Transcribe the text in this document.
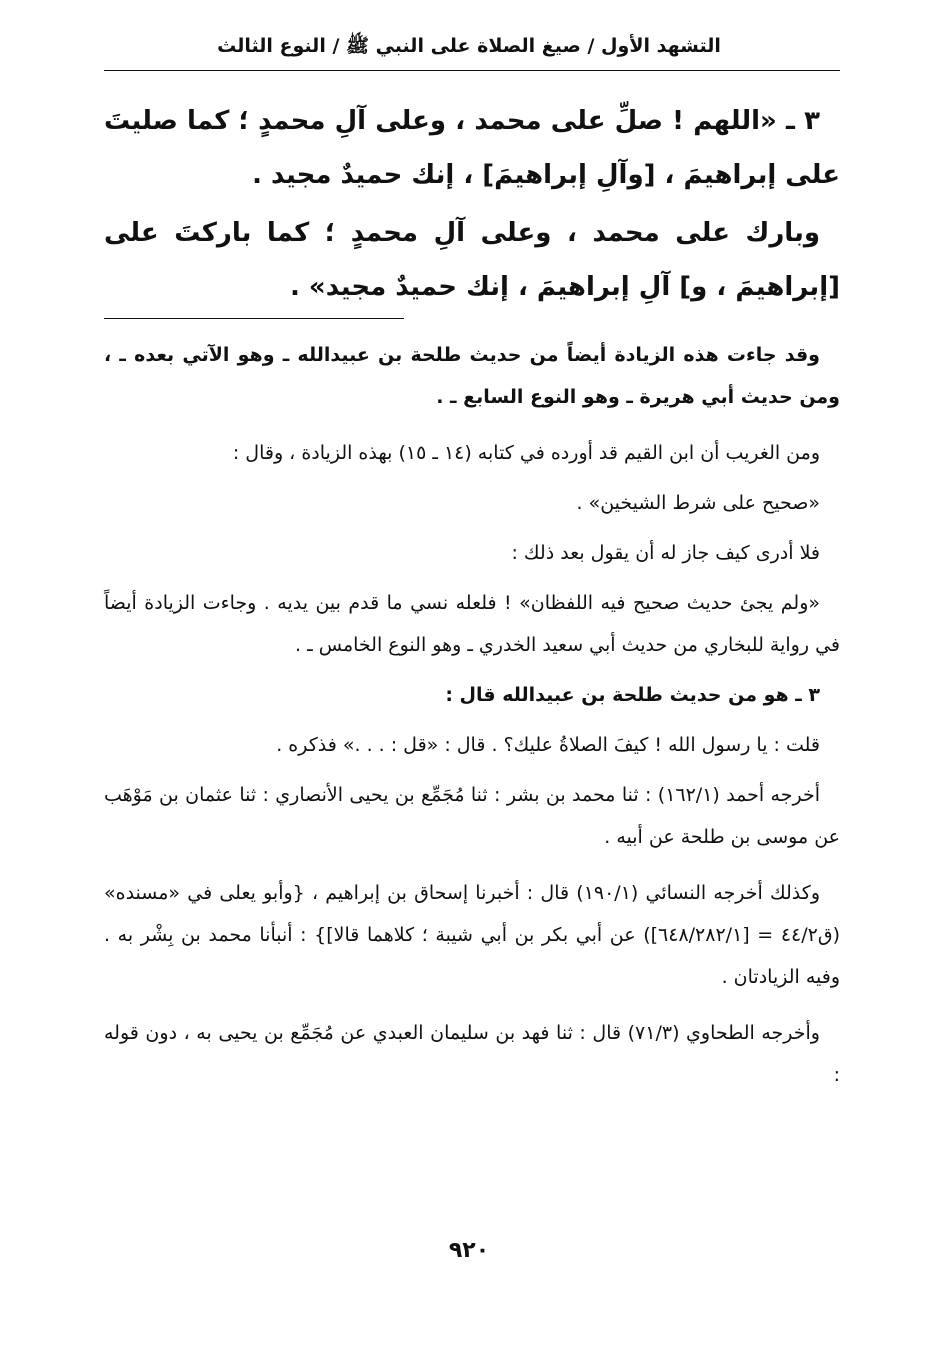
التشهد الأول / صيغ الصلاة على النبي ﷺ / النوع الثالث

٣ ـ «اللهم ! صلِّ على محمد ، وعلى آلِ محمدٍ ؛ كما صليتَ على إبراهيمَ ، [وآلِ إبراهيمَ] ، إنك حميدٌ مجيد .

وبارك على محمد ، وعلى آلِ محمدٍ ؛ كما باركتَ على [إبراهيمَ ، و] آلِ إبراهيمَ ، إنك حميدٌ مجيد» .

وقد جاءت هذه الزيادة أيضاً من حديث طلحة بن عبيدالله ـ وهو الآتي بعده ـ ، ومن حديث أبي هريرة ـ وهو النوع السابع ـ .

ومن الغريب أن ابن القيم قد أورده في كتابه (١٤ ـ ١٥) بهذه الزيادة ، وقال :

«صحيح على شرط الشيخين» .

فلا أدرى كيف جاز له أن يقول بعد ذلك :

«ولم يجئ حديث صحيح فيه اللفظان» ! فلعله نسي ما قدم بين يديه . وجاءت الزيادة أيضاً في رواية للبخاري من حديث أبي سعيد الخدري ـ وهو النوع الخامس ـ .

٣ ـ هو من حديث طلحة بن عبيدالله قال :

قلت : يا رسول الله ! كيفَ الصلاةُ عليك؟ . قال : «قل : . . .» فذكره .

أخرجه أحمد (١٦٢/١) : ثنا محمد بن بشر : ثنا مُجَمِّع بن يحيى الأنصاري : ثنا عثمان بن مَوْهَب عن موسى بن طلحة عن أبيه .

وكذلك أخرجه النسائي (١٩٠/١) قال : أخبرنا إسحاق بن إبراهيم ، {وأبو يعلى في «مسنده» (ق٤٤/٢ = [٦٤٨/٢٨٢/١]) عن أبي بكر بن أبي شيبة ؛ كلاهما قالا]} : أنبأنا محمد بن بِشْر به . وفيه الزيادتان .

وأخرجه الطحاوي (٧١/٣) قال : ثنا فهد بن سليمان العبدي عن مُجَمِّع بن يحيى به ، دون قوله :

٩٢٠
